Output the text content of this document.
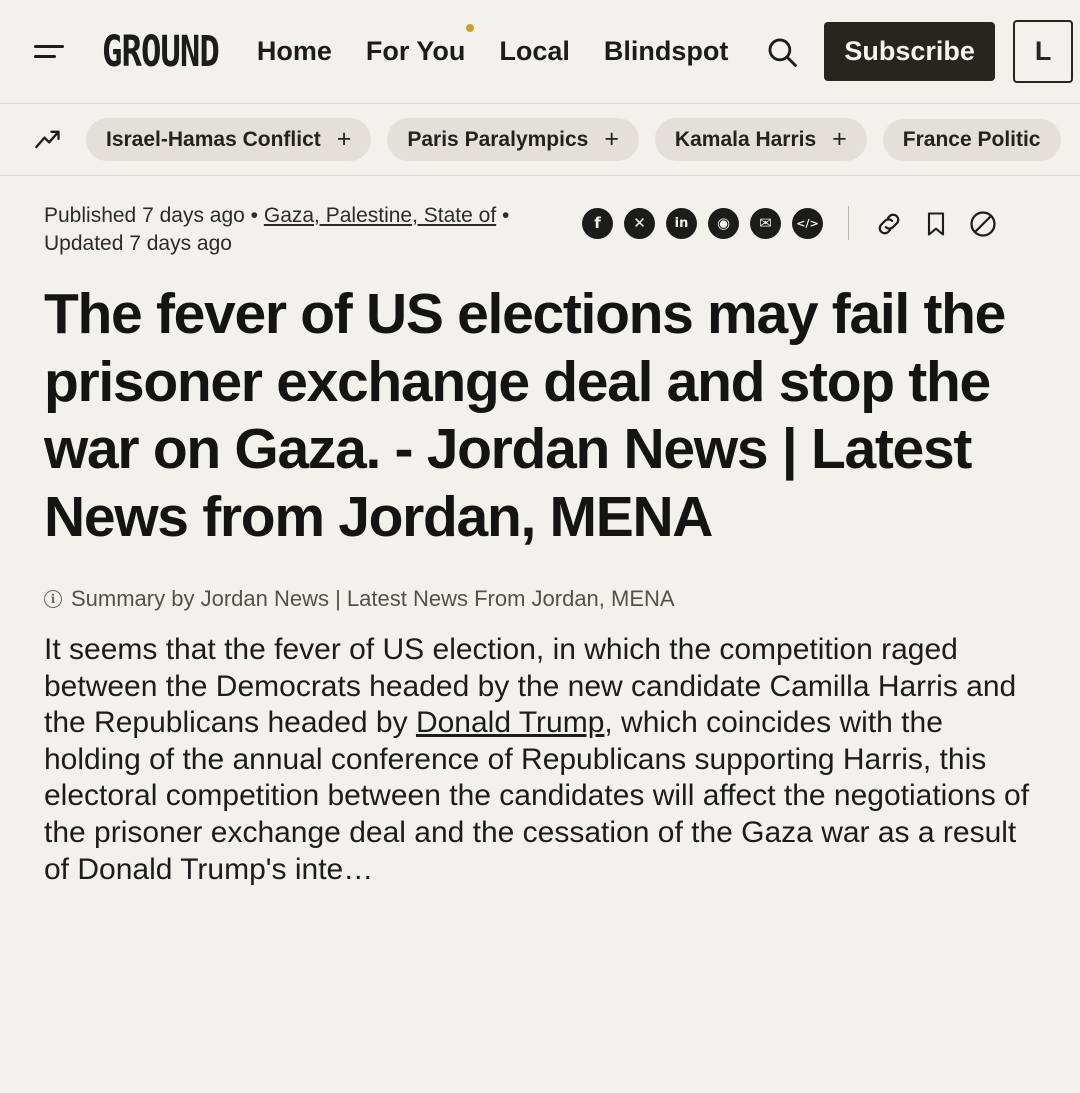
GROUND Home For You Local Blindspot	Subscribe	L
Israel-Hamas Conflict +	Paris Paralympics +	Kamala Harris +	France Politic
Published 7 days ago • Gaza, Palestine, State of • Updated 7 days ago
f	✕	in	◉	✉	</>
The fever of US elections may fail the prisoner exchange deal and stop the war on Gaza. - Jordan News | Latest News from Jordan, MENA
i Summary by Jordan News | Latest News From Jordan, MENA
It seems that the fever of US election, in which the competition raged between the Democrats headed by the new candidate Camilla Harris and the Republicans headed by Donald Trump, which coincides with the holding of the annual conference of Republicans supporting Harris, this electoral competition between the candidates will affect the negotiations of the prisoner exchange deal and the cessation of the Gaza war as a result of Donald Trump's inte…
